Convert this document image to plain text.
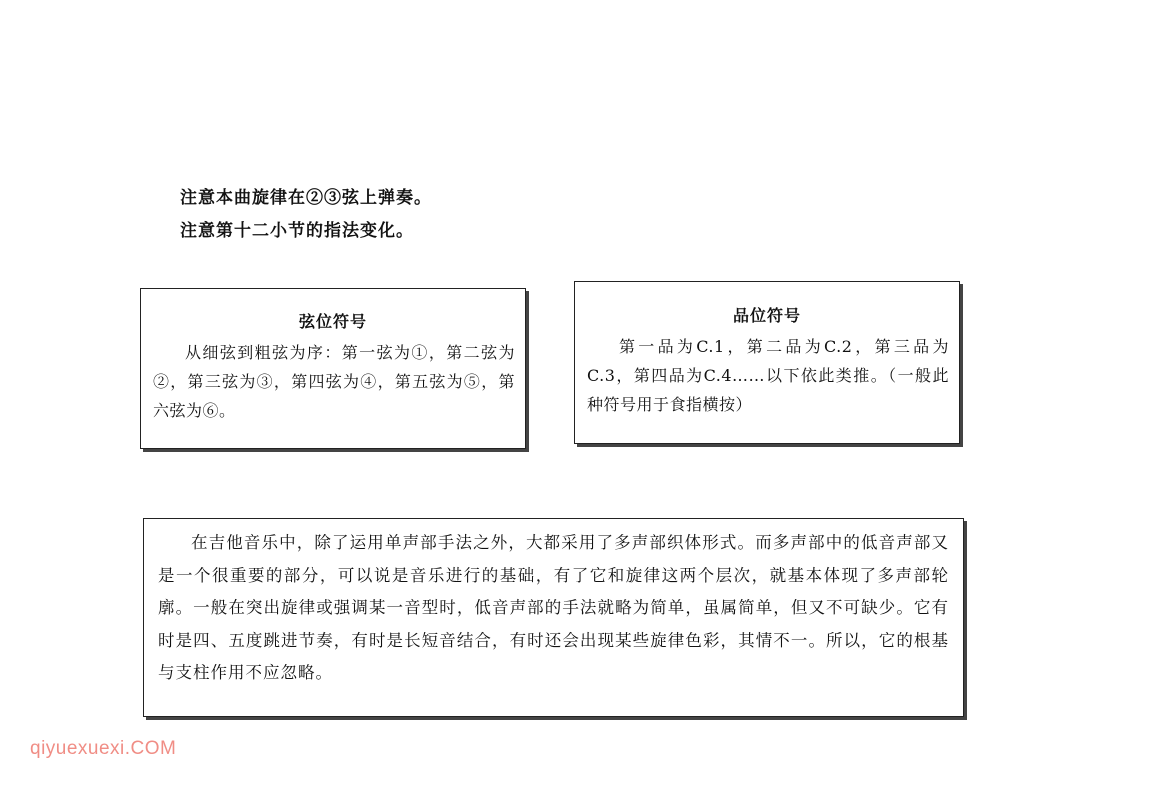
注意本曲旋律在②③弦上弹奏。
注意第十二小节的指法变化。
弦位符号
从细弦到粗弦为序：第一弦为①，第二弦为②，第三弦为③，第四弦为④，第五弦为⑤，第六弦为⑥。
品位符号
第一品为C.1，第二品为C.2，第三品为C.3，第四品为C.4……以下依此类推。（一般此种符号用于食指横按）
在吉他音乐中，除了运用单声部手法之外，大都采用了多声部织体形式。而多声部中的低音声部又是一个很重要的部分，可以说是音乐进行的基础，有了它和旋律这两个层次，就基本体现了多声部轮廓。一般在突出旋律或强调某一音型时，低音声部的手法就略为简单，虽属简单，但又不可缺少。它有时是四、五度跳进节奏，有时是长短音结合，有时还会出现某些旋律色彩，其情不一。所以，它的根基与支柱作用不应忽略。
qiyuexuexi.COM
